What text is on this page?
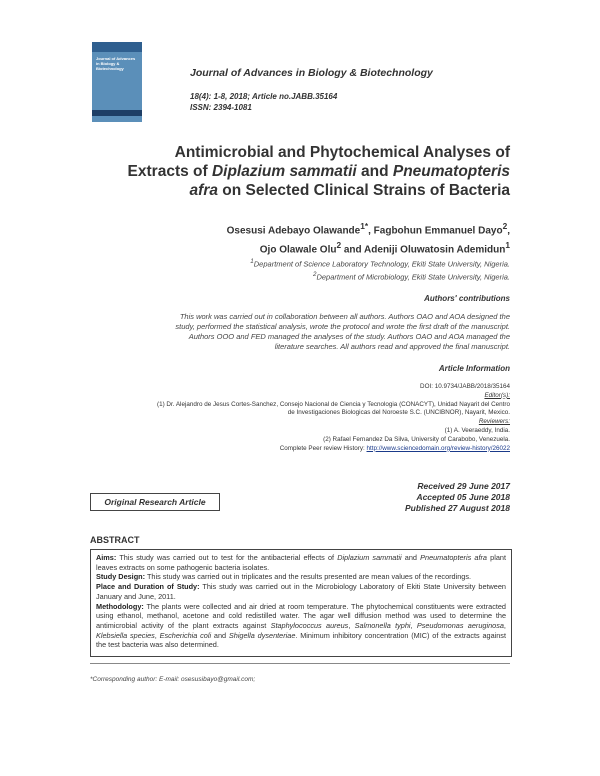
Journal of Advances in Biology & Biotechnology	Journal of Advances in Biology & Biotechnology
18(4): 1-8, 2018; Article no.JABB.35164
ISSN: 2394-1081
Antimicrobial and Phytochemical Analyses of
Extracts of Diplazium sammatii and Pneumatopteris
afra on Selected Clinical Strains of Bacteria
Osesusi Adebayo Olawande$^{1*}$, Fagbohun Emmanuel Dayo$^2$,
Ojo Olawale Olu$^2$ and Adeniji Oluwatosin Ademidun$^1$
$^1$Department of Science Laboratory Technology, Ekiti State University, Nigeria.
$^2$Department of Microbiology, Ekiti State University, Nigeria.
Authors' contributions
This work was carried out in collaboration between all authors. Authors OAO and AOA designed the
study, performed the statistical analysis, wrote the protocol and wrote the first draft of the manuscript.
Authors OOO and FED managed the analyses of the study. Authors OAO and AOA managed the
literature searches. All authors read and approved the final manuscript.
Article Information
DOI: 10.9734/JABB/2018/35164
Editor(s):
(1) Dr. Alejandro de Jesus Cortes-Sanchez, Consejo Nacional de Ciencia y Tecnologia (CONACYT), Unidad Nayarit del Centro
de Investigaciones Biologicas del Noroeste S.C. (UNCIBNOR), Nayarit, Mexico.
Reviewers:
(1) A. Veeraeddy, India.
(2) Rafael Fernandez Da Silva, University of Carabobo, Venezuela.
Complete Peer review History: http://www.sciencedomain.org/review-history/26022
Original Research Article
Received 29 June 2017
Accepted 05 June 2018
Published 27 August 2018
ABSTRACT
Aims: This study was carried out to test for the antibacterial effects of Diplazium sammatii and Pneumatopteris afra plant leaves extracts on some pathogenic bacteria isolates.
Study Design: This study was carried out in triplicates and the results presented are mean values of the recordings.
Place and Duration of Study: This study was carried out in the Microbiology Laboratory of Ekiti State University between January and June, 2011.
Methodology: The plants were collected and air dried at room temperature. The phytochemical constituents were extracted using ethanol, methanol, acetone and cold redistilled water. The agar well diffusion method was used to determine the antimicrobial activity of the plant extracts against Staphylococcus aureus, Salmonella typhi, Pseudomonas aeruginosa, Klebsiella species, Escherichia coli and Shigella dysenteriae. Minimum inhibitory concentration (MIC) of the extracts against the test bacteria was also determined.
*Corresponding author: E-mail: osesusibayo@gmail.com;
